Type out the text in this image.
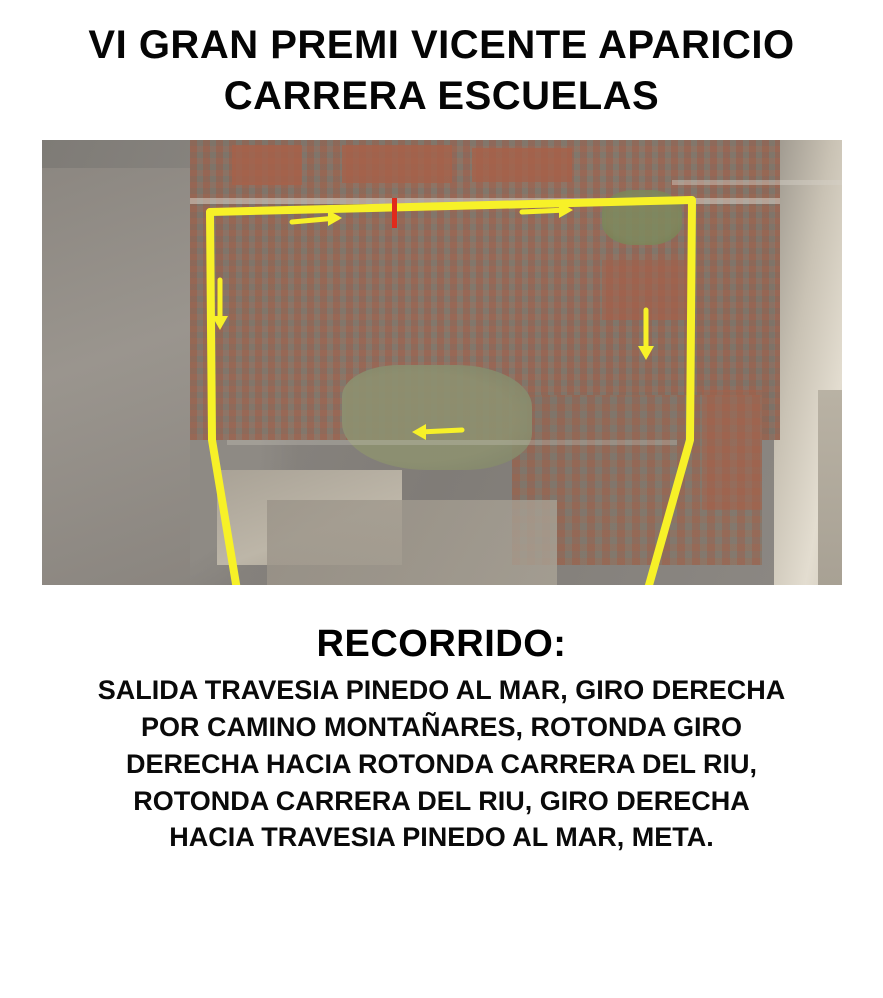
VI GRAN PREMI VICENTE APARICIO
CARRERA ESCUELAS
RECORRIDO:
SALIDA TRAVESIA PINEDO AL MAR, GIRO DERECHA
POR CAMINO MONTAÑARES, ROTONDA GIRO
DERECHA HACIA ROTONDA CARRERA DEL RIU,
ROTONDA CARRERA DEL RIU, GIRO DERECHA
HACIA TRAVESIA PINEDO AL MAR, META.
